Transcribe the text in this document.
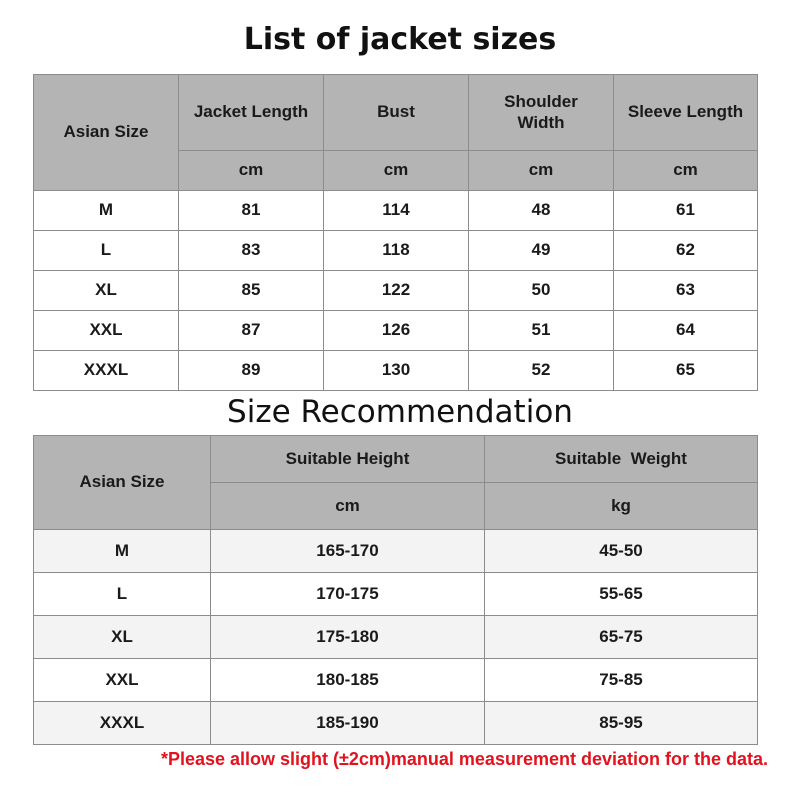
List of jacket sizes
Asian Size	Jacket Length	Bust	Shoulder Width	Sleeve Length
	cm	cm	cm	cm
M	81	114	48	61
L	83	118	49	62
XL	85	122	50	63
XXL	87	126	51	64
XXXL	89	130	52	65
Size Recommendation
Asian Size	Suitable Height	Suitable  Weight
	cm	kg
M	165-170	45-50
L	170-175	55-65
XL	175-180	65-75
XXL	180-185	75-85
XXXL	185-190	85-95

*Please allow slight (±2cm)manual measurement deviation for the data.
